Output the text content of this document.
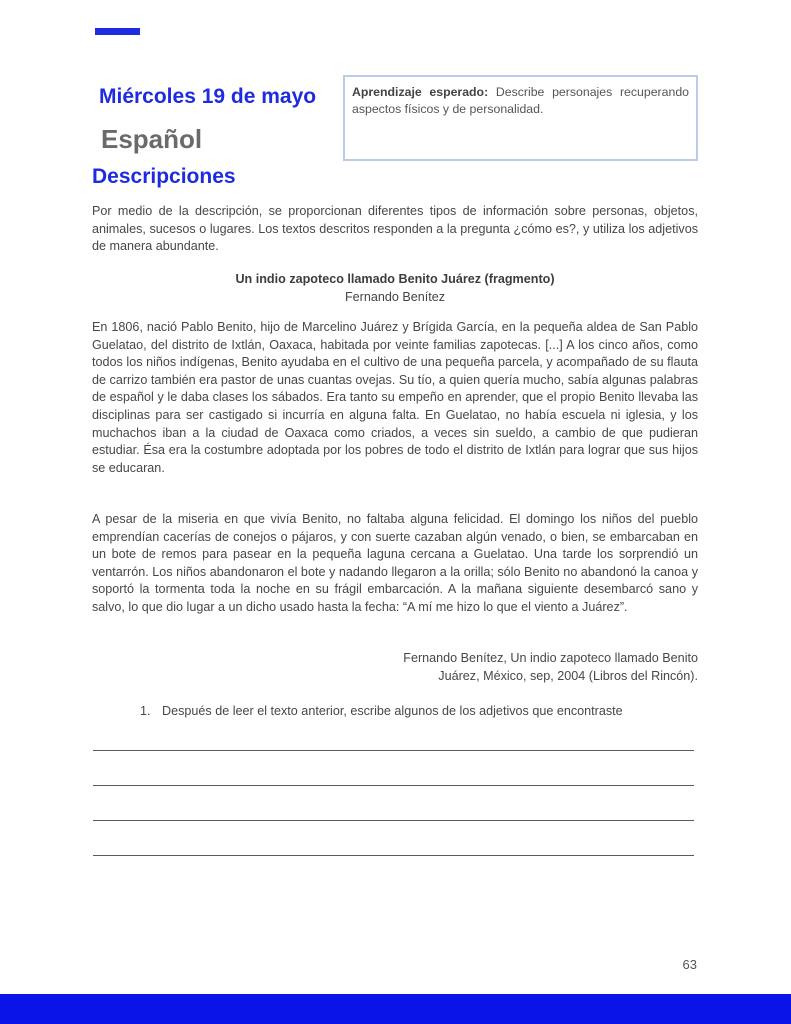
Miércoles 19 de mayo	Aprendizaje esperado: Describe personajes recuperando aspectos físicos y de personalidad.
Español
Descripciones
Por medio de la descripción, se proporcionan diferentes tipos de información sobre personas, objetos, animales, sucesos o lugares. Los textos descritos responden a la pregunta ¿cómo es?, y utiliza los adjetivos de manera abundante.
Un indio zapoteco llamado Benito Juárez (fragmento)
Fernando Benítez
En 1806, nació Pablo Benito, hijo de Marcelino Juárez y Brígida García, en la pequeña aldea de San Pablo Guelatao, del distrito de Ixtlán, Oaxaca, habitada por veinte familias zapotecas. [...] A los cinco años, como todos los niños indígenas, Benito ayudaba en el cultivo de una pequeña parcela, y acompañado de su flauta de carrizo también era pastor de unas cuantas ovejas. Su tío, a quien quería mucho, sabía algunas palabras de español y le daba clases los sábados. Era tanto su empeño en aprender, que el propio Benito llevaba las disciplinas para ser castigado si incurría en alguna falta. En Guelatao, no había escuela ni iglesia, y los muchachos iban a la ciudad de Oaxaca como criados, a veces sin sueldo, a cambio de que pudieran estudiar. Ésa era la costumbre adoptada por los pobres de todo el distrito de Ixtlán para lograr que sus hijos se educaran.
A pesar de la miseria en que vivía Benito, no faltaba alguna felicidad. El domingo los niños del pueblo emprendían cacerías de conejos o pájaros, y con suerte cazaban algún venado, o bien, se embarcaban en un bote de remos para pasear en la pequeña laguna cercana a Guelatao. Una tarde los sorprendió un ventarrón. Los niños abandonaron el bote y nadando llegaron a la orilla; sólo Benito no abandonó la canoa y soportó la tormenta toda la noche en su frágil embarcación. A la mañana siguiente desembarcó sano y salvo, lo que dio lugar a un dicho usado hasta la fecha: “A mí me hizo lo que el viento a Juárez”.
Fernando Benítez, Un indio zapoteco llamado Benito
Juárez, México, sep, 2004 (Libros del Rincón).
1. Después de leer el texto anterior, escribe algunos de los adjetivos que encontraste
63
